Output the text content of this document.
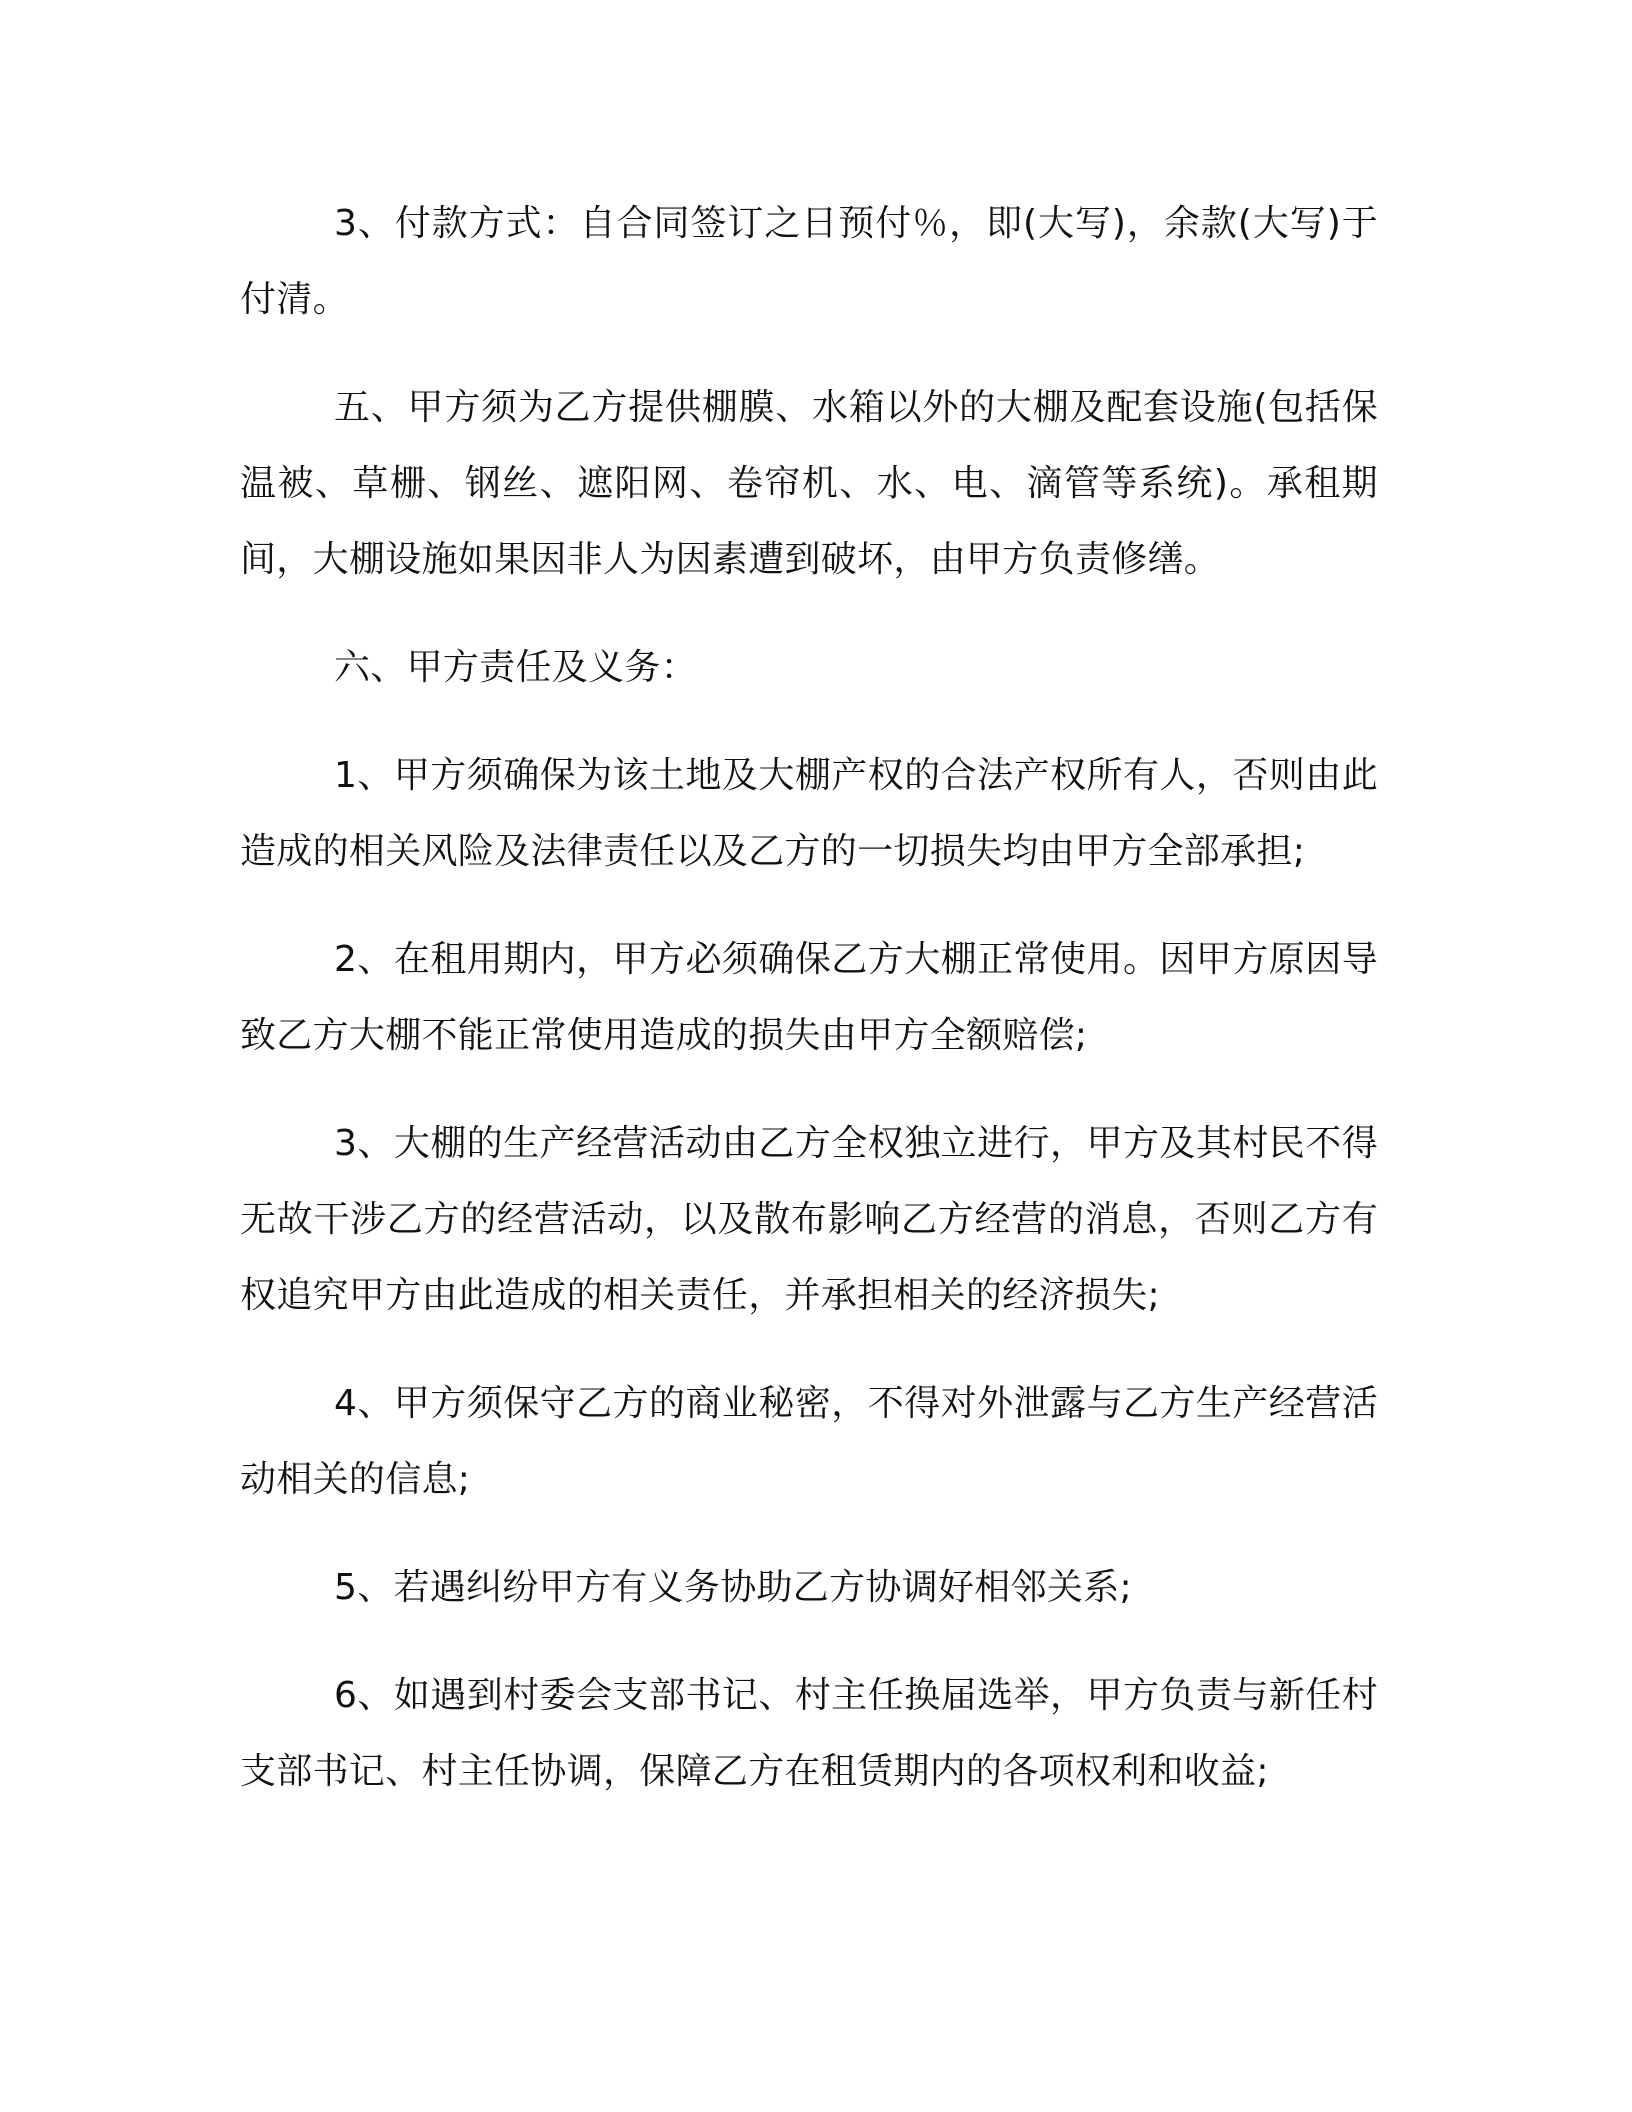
3、付款方式：自合同签订之日预付％，即(大写)，余款(大写)于 付清。

五、甲方须为乙方提供棚膜、水箱以外的大棚及配套设施(包括保温被、草栅、钢丝、遮阳网、卷帘机、水、电、滴管等系统)。承租期间，大棚设施如果因非人为因素遭到破坏，由甲方负责修缮。

六、甲方责任及义务：

1、甲方须确保为该土地及大棚产权的合法产权所有人，否则由此造成的相关风险及法律责任以及乙方的一切损失均由甲方全部承担;

2、在租用期内，甲方必须确保乙方大棚正常使用。因甲方原因导致乙方大棚不能正常使用造成的损失由甲方全额赔偿;

3、大棚的生产经营活动由乙方全权独立进行，甲方及其村民不得无故干涉乙方的经营活动，以及散布影响乙方经营的消息，否则乙方有权追究甲方由此造成的相关责任，并承担相关的经济损失;

4、甲方须保守乙方的商业秘密，不得对外泄露与乙方生产经营活动相关的信息;

5、若遇纠纷甲方有义务协助乙方协调好相邻关系;

6、如遇到村委会支部书记、村主任换届选举，甲方负责与新任村支部书记、村主任协调，保障乙方在租赁期内的各项权利和收益;
